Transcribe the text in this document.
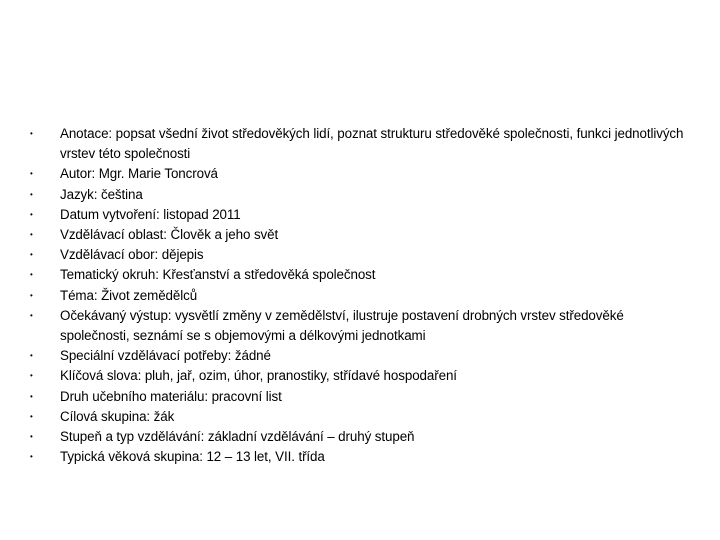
•	Anotace: popsat všední život středověkých lidí, poznat strukturu středověké společnosti, funkci jednotlivých vrstev této společnosti
•	Autor: Mgr. Marie Toncrová
•	Jazyk: čeština
•	Datum vytvoření: listopad 2011
•	Vzdělávací oblast: Člověk a jeho svět
•	Vzdělávací obor: dějepis
•	Tematický okruh: Křesťanství a středověká společnost
•	Téma: Život zemědělců
•	Očekávaný výstup: vysvětlí změny v zemědělství, ilustruje postavení drobných vrstev středověké společnosti, seznámí se s objemovými a délkovými jednotkami
•	Speciální vzdělávací potřeby: žádné
•	Klíčová slova: pluh, jař, ozim, úhor, pranostiky, střídavé hospodaření
•	Druh učebního materiálu: pracovní list
•	Cílová skupina: žák
•	Stupeň a typ vzdělávání: základní vzdělávání – druhý stupeň
•	Typická věková skupina: 12 – 13 let, VII. třída
